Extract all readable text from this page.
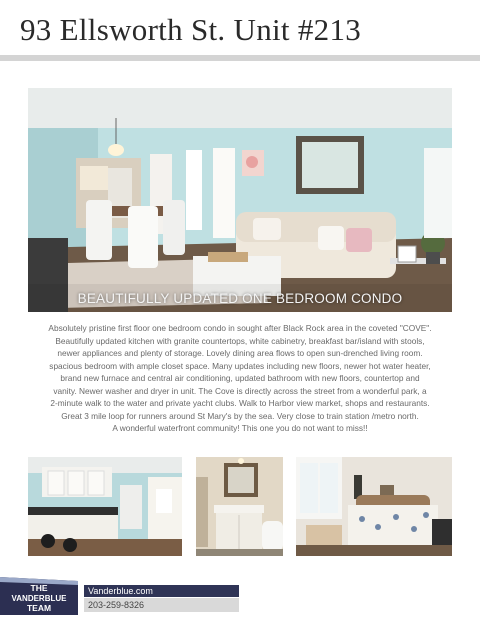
93 Ellsworth St. Unit #213
BEAUTIFULLY UPDATED ONE BEDROOM CONDO

Absolutely pristine first floor one bedroom condo in sought after Black Rock area in the coveted "COVE".

Beautifully updated kitchen with granite countertops, white cabinetry, breakfast bar/island with stools,

newer appliances and plenty of storage. Lovely dining area flows to open sun-drenched living room.

spacious bedroom with ample closet space. Many updates including new floors, newer hot water heater,

brand new furnace and central air conditioning, updated bathroom with new floors, countertop and

vanity. Newer washer and dryer in unit. The Cove is directly across the street from a wonderful park, a

2-minute walk to the water and private yacht clubs. Walk to Harbor view market, shops and restaurants.

Great 3 mile loop for runners around St Mary's by the sea. Very close to train station /metro north.

A wonderful waterfront community! This one you do not want to miss!!

THE
VANDERBLUE
TEAM
Vanderblue.com
203-259-8326
